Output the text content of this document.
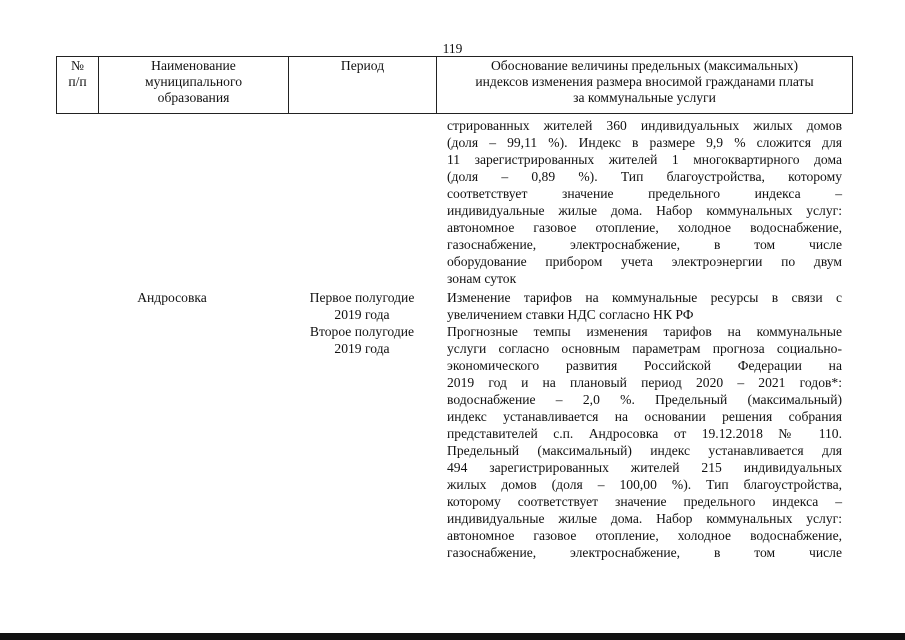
119
№
п/п
Наименование
муниципального
образования
Период	Обоснование величины предельных (максимальных)
индексов изменения размера вносимой гражданами платы
за коммунальные услуги
стрированных жителей 360 индивидуальных жилых домов
(доля – 99,11 %). Индекс в размере 9,9 % сложится для
11 зарегистрированных жителей 1 многоквартирного дома
(доля – 0,89 %). Тип благоустройства, которому
соответствует значение предельного индекса –
индивидуальные жилые дома. Набор коммунальных услуг:
автономное газовое отопление, холодное водоснабжение,
газоснабжение, электроснабжение, в том числе
оборудование прибором учета электроэнергии по двум
зонам суток
Андросовка	Первое полугодие
2019 года
Второе полугодие
2019 года
Изменение тарифов на коммунальные ресурсы в связи с
увеличением ставки НДС согласно НК РФ
Прогнозные темпы изменения тарифов на коммунальные
услуги согласно основным параметрам прогноза социально-
экономического развития Российской Федерации на
2019 год и на плановый период 2020 – 2021 годов*:
водоснабжение – 2,0 %. Предельный (максимальный)
индекс устанавливается на основании решения собрания
представителей с.п. Андросовка от 19.12.2018 № 110.
Предельный (максимальный) индекс устанавливается для
494 зарегистрированных жителей 215 индивидуальных
жилых домов (доля – 100,00 %). Тип благоустройства,
которому соответствует значение предельного индекса –
индивидуальные жилые дома. Набор коммунальных услуг:
автономное газовое отопление, холодное водоснабжение,
газоснабжение, электроснабжение, в том числе
